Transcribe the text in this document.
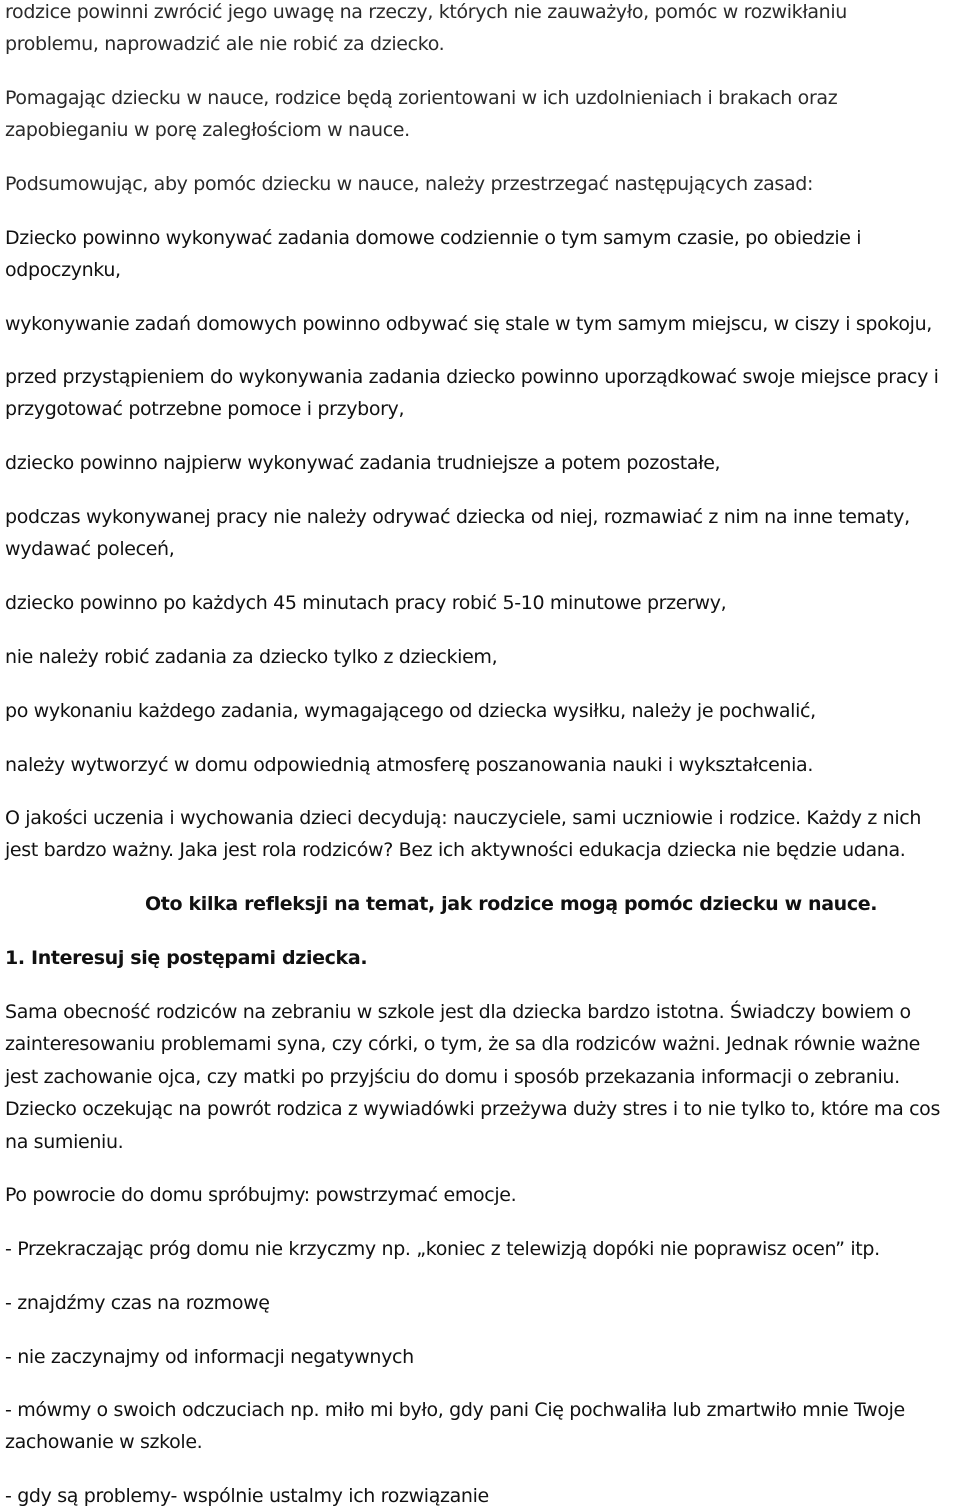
rodzice powinni zwrócić jego uwagę na rzeczy, których nie zauważyło, pomóc w rozwikłaniu
problemu, naprowadzić ale nie robić za dziecko.
Pomagając dziecku w nauce, rodzice będą zorientowani w ich uzdolnieniach i brakach oraz
zapobieganiu w porę zaległościom w nauce.
Podsumowując, aby pomóc dziecku w nauce, należy przestrzegać następujących zasad:
Dziecko powinno wykonywać zadania domowe codziennie o tym samym czasie, po obiedzie i
odpoczynku,
wykonywanie zadań domowych powinno odbywać się stale w tym samym miejscu, w ciszy i spokoju,
przed przystąpieniem do wykonywania zadania dziecko powinno uporządkować swoje miejsce pracy i
przygotować potrzebne pomoce i przybory,
dziecko powinno najpierw wykonywać zadania trudniejsze a potem pozostałe,
podczas wykonywanej pracy nie należy odrywać dziecka od niej, rozmawiać z nim na inne tematy,
wydawać poleceń,
dziecko powinno po każdych 45 minutach pracy robić 5-10 minutowe przerwy,
nie należy robić zadania za dziecko tylko z dzieckiem,
po wykonaniu każdego zadania, wymagającego od dziecka wysiłku, należy je pochwalić,
należy wytworzyć w domu odpowiednią atmosferę poszanowania nauki i wykształcenia.
O jakości uczenia i wychowania dzieci decydują: nauczyciele, sami uczniowie i rodzice. Każdy z nich
jest bardzo ważny. Jaka jest rola rodziców? Bez ich aktywności edukacja dziecka nie będzie udana.
Oto kilka refleksji na temat, jak rodzice mogą pomóc dziecku w nauce.
1. Interesuj się postępami dziecka.
Sama obecność rodziców na zebraniu w szkole jest dla dziecka bardzo istotna. Świadczy bowiem o
zainteresowaniu problemami syna, czy córki, o tym, że sa dla rodziców ważni. Jednak równie ważne
jest zachowanie ojca, czy matki po przyjściu do domu i sposób przekazania informacji o zebraniu.
Dziecko oczekując na powrót rodzica z wywiadówki przeżywa duży stres i to nie tylko to, które ma cos
na sumieniu.
Po powrocie do domu spróbujmy: powstrzymać emocje.
- Przekraczając próg domu nie krzyczmy np. „koniec z telewizją dopóki nie poprawisz ocen” itp.
- znajdźmy czas na rozmowę
- nie zaczynajmy od informacji negatywnych
- mówmy o swoich odczuciach np. miło mi było, gdy pani Cię pochwaliła lub zmartwiło mnie Twoje
zachowanie w szkole.
- gdy są problemy- wspólnie ustalmy ich rozwiązanie
